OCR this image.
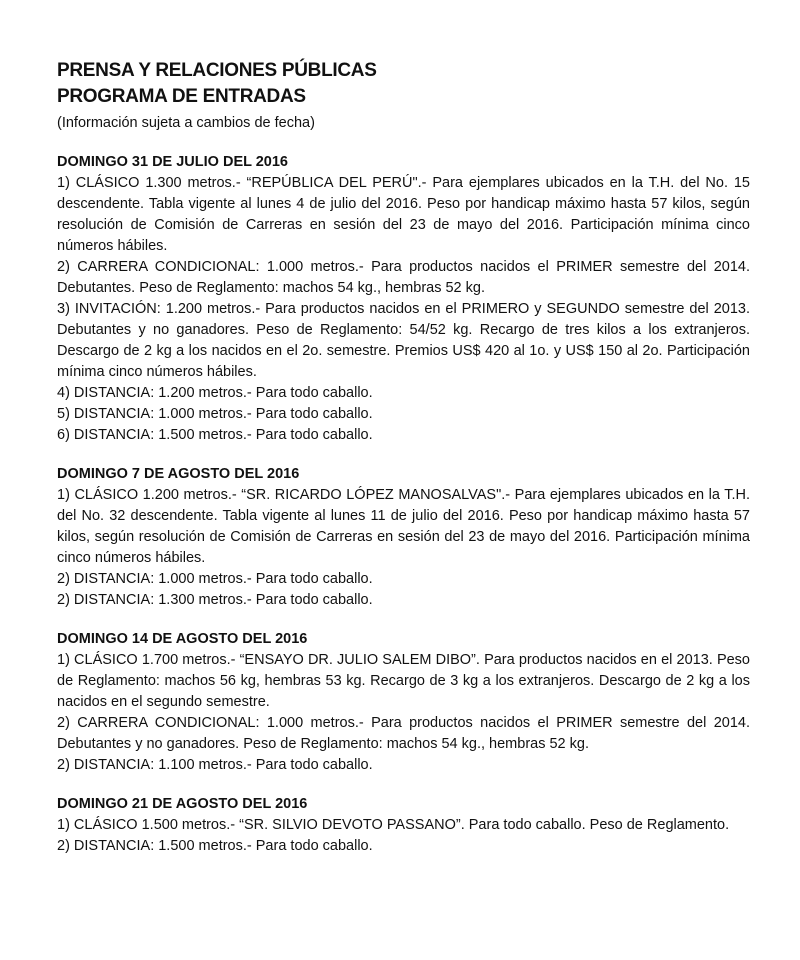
PRENSA Y RELACIONES PÚBLICAS
PROGRAMA DE ENTRADAS
(Información sujeta a cambios de fecha)
DOMINGO 31 DE JULIO DEL 2016
1) CLÁSICO 1.300 metros.- “REPÚBLICA DEL PERÚ".- Para ejemplares ubicados en la T.H. del No. 15 descendente. Tabla vigente al lunes 4 de julio del 2016. Peso por handicap máximo hasta 57 kilos, según resolución de Comisión de Carreras en sesión del 23 de mayo del 2016. Participación mínima cinco números hábiles.
2) CARRERA CONDICIONAL: 1.000 metros.- Para productos nacidos el PRIMER semestre del 2014. Debutantes. Peso de Reglamento: machos 54 kg., hembras 52 kg.
3) INVITACIÓN: 1.200 metros.- Para productos nacidos en el PRIMERO y SEGUNDO semestre del 2013. Debutantes y no ganadores. Peso de Reglamento: 54/52 kg. Recargo de tres kilos a los extranjeros. Descargo de 2 kg a los nacidos en el 2o. semestre. Premios US$ 420 al 1o. y US$ 150 al 2o. Participación mínima cinco números hábiles.
4) DISTANCIA: 1.200 metros.- Para todo caballo.
5) DISTANCIA: 1.000 metros.- Para todo caballo.
6) DISTANCIA: 1.500 metros.- Para todo caballo.
DOMINGO 7 DE AGOSTO DEL 2016
1) CLÁSICO 1.200 metros.- “SR. RICARDO LÓPEZ MANOSALVAS".- Para ejemplares ubicados en la T.H. del No. 32 descendente. Tabla vigente al lunes 11 de julio del 2016. Peso por handicap máximo hasta 57 kilos, según resolución de Comisión de Carreras en sesión del 23 de mayo del 2016. Participación mínima cinco números hábiles.
2) DISTANCIA: 1.000 metros.- Para todo caballo.
2) DISTANCIA: 1.300 metros.- Para todo caballo.
DOMINGO 14 DE AGOSTO DEL 2016
1) CLÁSICO 1.700 metros.- “ENSAYO DR. JULIO SALEM DIBO”. Para productos nacidos en el 2013. Peso de Reglamento: machos 56 kg, hembras 53 kg. Recargo de 3 kg a los extranjeros. Descargo de 2 kg a los nacidos en el segundo semestre.
2) CARRERA CONDICIONAL: 1.000 metros.- Para productos nacidos el PRIMER semestre del 2014. Debutantes y no ganadores. Peso de Reglamento: machos 54 kg., hembras 52 kg.
2) DISTANCIA: 1.100 metros.- Para todo caballo.
DOMINGO 21 DE AGOSTO DEL 2016
1) CLÁSICO 1.500 metros.- “SR. SILVIO DEVOTO PASSANO”. Para todo caballo. Peso de Reglamento.
2) DISTANCIA: 1.500 metros.- Para todo caballo.
